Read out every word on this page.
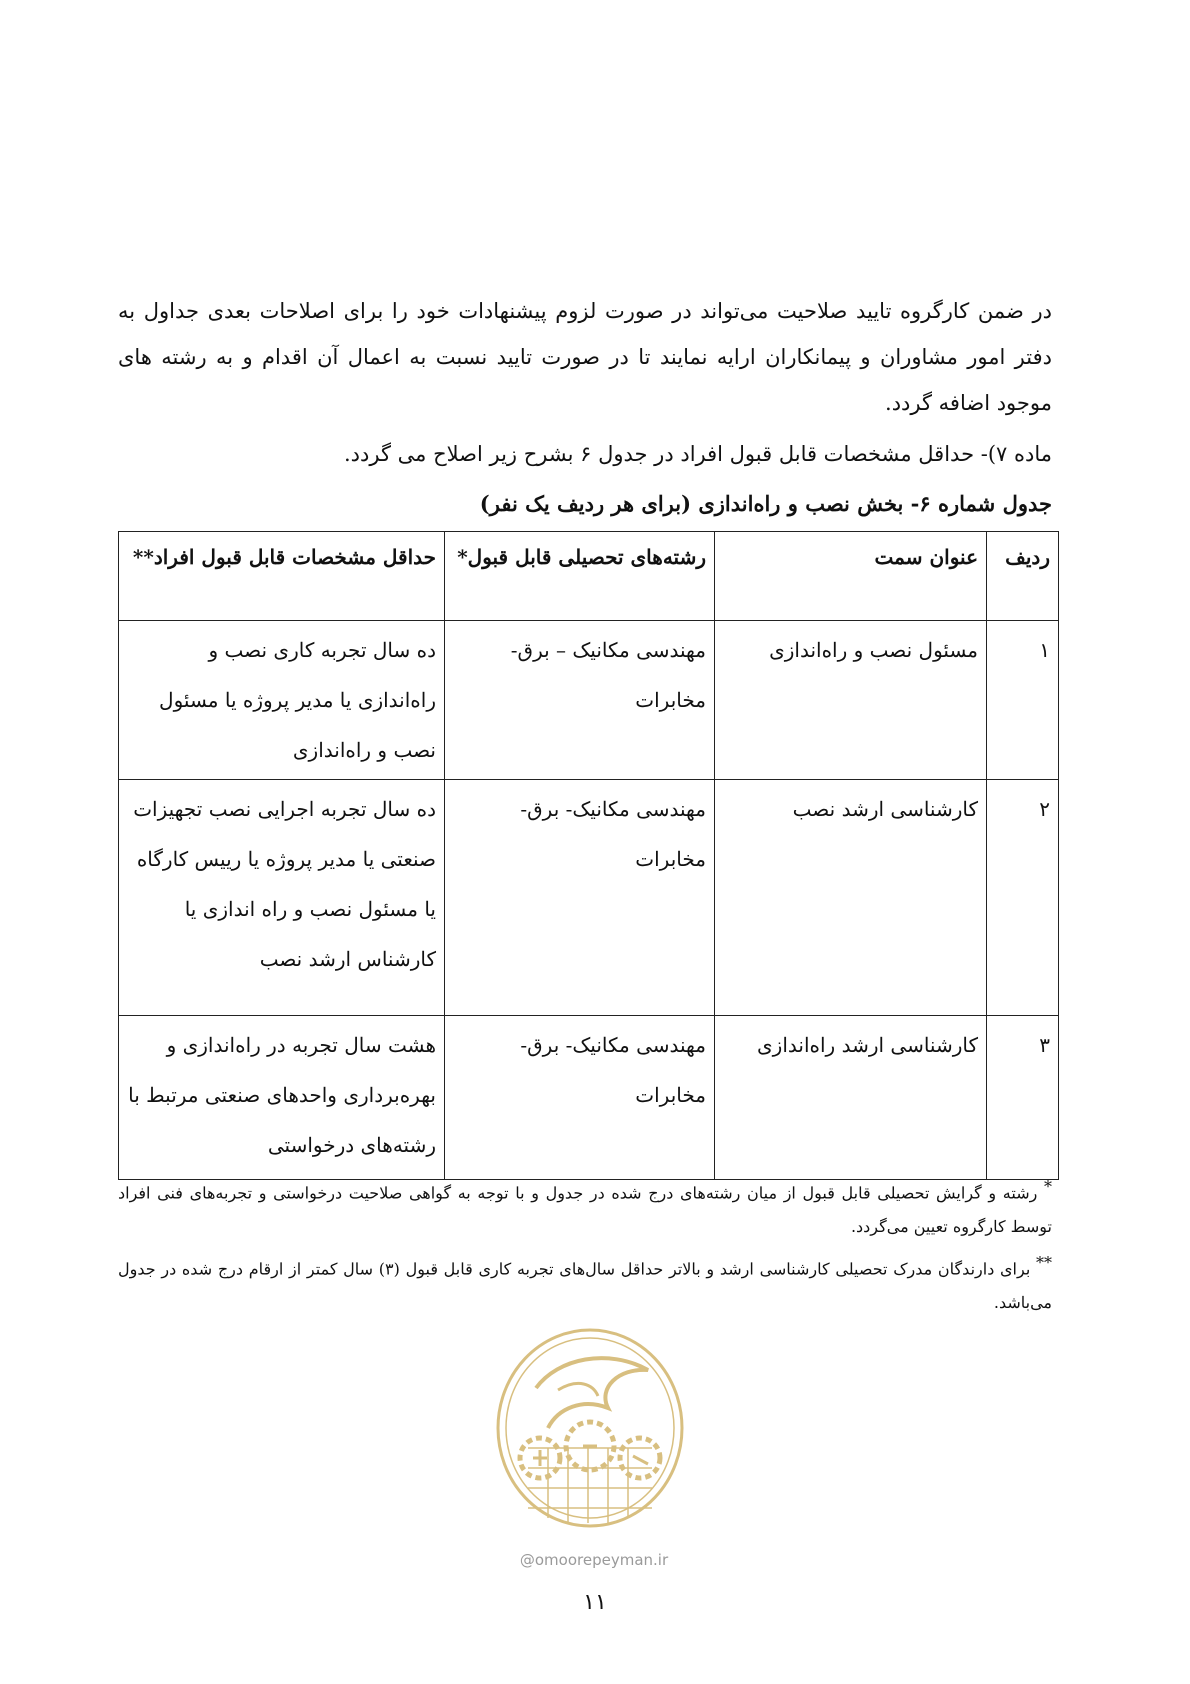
در ضمن کارگروه تایید صلاحیت می‌تواند در صورت لزوم پیشنهادات خود را برای اصلاحات بعدی جداول به دفتر امور مشاوران و پیمانکاران ارایه نمایند تا در صورت تایید نسبت به اعمال آن اقدام و به رشته های موجود اضافه گردد.

ماده ۷)- حداقل مشخصات قابل قبول افراد در جدول ۶ بشرح زیر اصلاح می گردد.
جدول شماره ۶- بخش نصب و راه‌اندازی (برای هر ردیف یک نفر)
ردیف	عنوان سمت	رشته‌های تحصیلی قابل قبول*	حداقل مشخصات قابل قبول افراد**
۱	مسئول نصب و راه‌اندازی	مهندسی مکانیک – برق- مخابرات	ده سال تجربه کاری نصب و راه‌اندازی یا مدیر پروژه یا مسئول نصب و راه‌اندازی
۲	کارشناسی ارشد نصب	مهندسی مکانیک- برق- مخابرات	ده سال تجربه اجرایی نصب تجهیزات صنعتی یا مدیر پروژه یا رییس کارگاه یا مسئول نصب و راه اندازی یا کارشناس ارشد نصب
۳	کارشناسی ارشد راه‌اندازی	مهندسی مکانیک- برق- مخابرات	هشت سال تجربه در راه‌اندازی و بهره‌برداری واحدهای صنعتی مرتبط با رشته‌های درخواستی

* رشته و گرایش تحصیلی قابل قبول از میان رشته‌های درج شده در جدول و با توجه به گواهی صلاحیت درخواستی و تجربه‌های فنی افراد توسط کارگروه تعیین می‌گردد.

** برای دارندگان مدرک تحصیلی کارشناسی ارشد و بالاتر حداقل سال‌های تجربه کاری قابل قبول (۳) سال کمتر از ارقام درج شده در جدول می‌باشد.

@omoorepeyman.ir
۱۱
